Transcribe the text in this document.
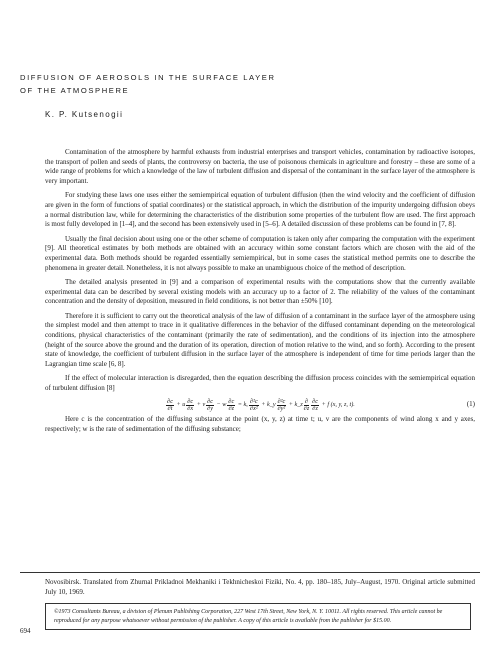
DIFFUSION OF AEROSOLS IN THE SURFACE LAYER
OF THE ATMOSPHERE

K. P. Kutsenogii

Contamination of the atmosphere by harmful exhausts from industrial enterprises and transport vehicles, contamination by radioactive isotopes, the transport of pollen and seeds of plants, the controversy on bacteria, the use of poisonous chemicals in agriculture and forestry – these are some of a wide range of problems for which a knowledge of the law of turbulent diffusion and dispersal of the contaminant in the surface layer of the atmosphere is very important.

For studying these laws one uses either the semiempirical equation of turbulent diffusion (then the wind velocity and the coefficient of diffusion are given in the form of functions of spatial coordinates) or the statistical approach, in which the distribution of the impurity undergoing diffusion obeys a normal distribution law, while for determining the characteristics of the distribution some properties of the turbulent flow are used. The first approach is most fully developed in [1–4], and the second has been extensively used in [5–6]. A detailed discussion of these problems can be found in [7, 8].

Usually the final decision about using one or the other scheme of computation is taken only after comparing the computation with the experiment [9]. All theoretical estimates by both methods are obtained with an accuracy within some constant factors which are chosen with the aid of the experimental data. Both methods should be regarded essentially semiempirical, but in some cases the statistical method permits one to describe the phenomena in greater detail. Nonetheless, it is not always possible to make an unambiguous choice of the method of description.

The detailed analysis presented in [9] and a comparison of experimental results with the computations show that the currently available experimental data can be described by several existing models with an accuracy up to a factor of 2. The reliability of the values of the contaminant concentration and the density of deposition, measured in field conditions, is not better than ±50% [10].

Therefore it is sufficient to carry out the theoretical analysis of the law of diffusion of a contaminant in the surface layer of the atmosphere using the simplest model and then attempt to trace in it qualitative differences in the behavior of the diffused contaminant depending on the meteorological conditions, physical characteristics of the contaminant (primarily the rate of sedimentation), and the conditions of its injection into the atmosphere (height of the source above the ground and the duration of its operation, direction of motion relative to the wind, and so forth). According to the present state of knowledge, the coefficient of turbulent diffusion in the surface layer of the atmosphere is independent of time for time periods larger than the Lagrangian time scale [6, 8].

If the effect of molecular interaction is disregarded, then the equation describing the diffusion process coincides with the semiempirical equation of turbulent diffusion [8]

$\frac{\partial c}{\partial t} + u \frac{\partial c}{\partial x} + v \frac{\partial c}{\partial y} - w \frac{\partial c}{\partial z} = k_x \frac{\text{∂²c}}{\text{∂x²}}$ + k_y $\frac{\text{∂²c}}{\text{∂y²}}$ + k_z $\frac{\partial}{\partial z} \frac{\partial c}{\partial z} + f$ (x, y, z, t).	(1)

Here c is the concentration of the diffusing substance at the point (x, y, z) at time t; u, v are the components of wind along x and y axes, respectively; w is the rate of sedimentation of the diffusing substance;

Novosibirsk. Translated from Zhurnal Prikladnoi Mekhaniki i Tekhnicheskoi Fiziki, No. 4, pp. 180–185, July–August, 1970. Original article submitted July 10, 1969.

©1973 Consultants Bureau, a division of Plenum Publishing Corporation, 227 West 17th Street, New York, N. Y. 10011. All rights reserved. This article cannot be reproduced for any purpose whatsoever without permission of the publisher. A copy of this article is available from the publisher for $15.00.

694
